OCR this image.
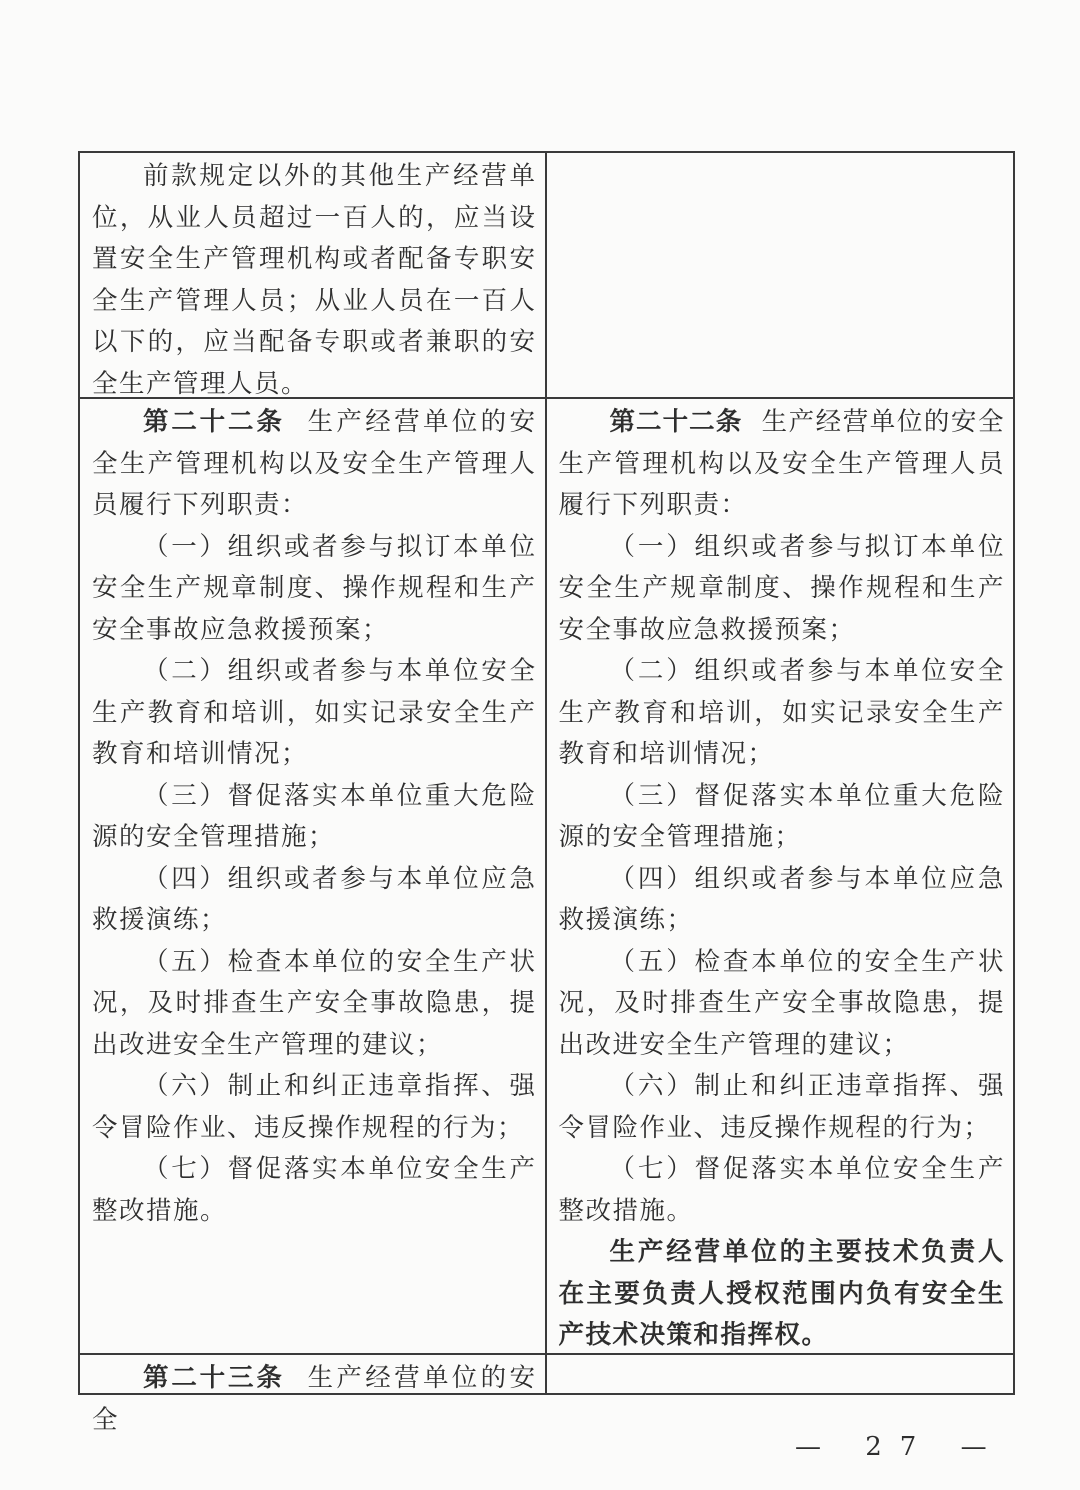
前款规定以外的其他生产经营单位，从业人员超过一百人的，应当设置安全生产管理机构或者配备专职安全生产管理人员；从业人员在一百人以下的，应当配备专职或者兼职的安全生产管理人员。

第二十二条 生产经营单位的安全生产管理机构以及安全生产管理人员履行下列职责：

（一）组织或者参与拟订本单位安全生产规章制度、操作规程和生产安全事故应急救援预案；

（二）组织或者参与本单位安全生产教育和培训，如实记录安全生产教育和培训情况；

（三）督促落实本单位重大危险源的安全管理措施；

（四）组织或者参与本单位应急救援演练；

（五）检查本单位的安全生产状况，及时排查生产安全事故隐患，提出改进安全生产管理的建议；

（六）制止和纠正违章指挥、强令冒险作业、违反操作规程的行为；

（七）督促落实本单位安全生产整改措施。

第二十二条 生产经营单位的安全生产管理机构以及安全生产管理人员履行下列职责：

（一）组织或者参与拟订本单位安全生产规章制度、操作规程和生产安全事故应急救援预案；

（二）组织或者参与本单位安全生产教育和培训，如实记录安全生产教育和培训情况；

（三）督促落实本单位重大危险源的安全管理措施；

（四）组织或者参与本单位应急救援演练；

（五）检查本单位的安全生产状况，及时排查生产安全事故隐患，提出改进安全生产管理的建议；

（六）制止和纠正违章指挥、强令冒险作业、违反操作规程的行为；

（七）督促落实本单位安全生产整改措施。

生产经营单位的主要技术负责人在主要负责人授权范围内负有安全生产技术决策和指挥权。

第二十三条 生产经营单位的安全

— 27 —
